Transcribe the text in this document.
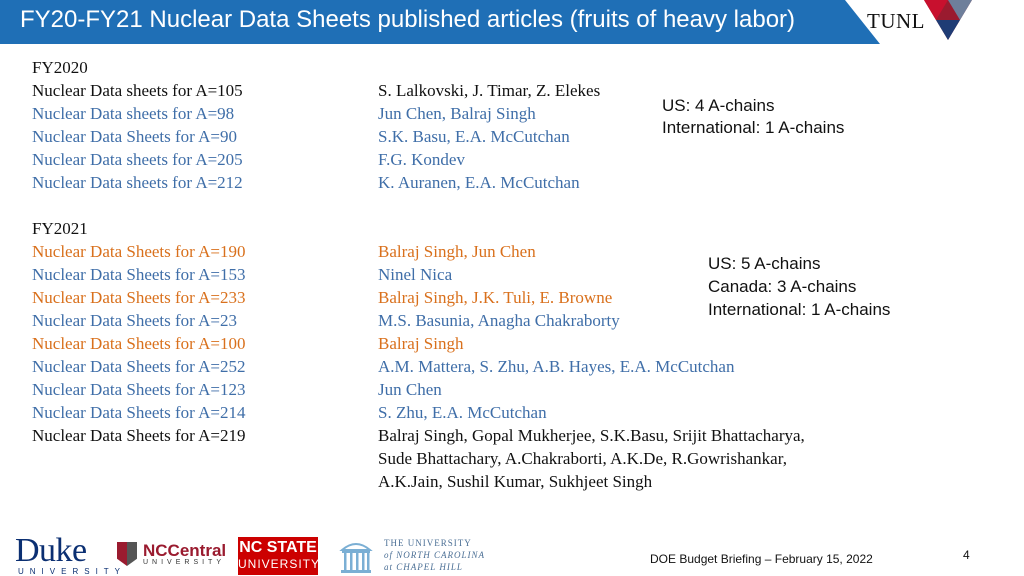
FY20-FY21 Nuclear Data Sheets published articles (fruits of heavy labor)	TUNL
FY2020
Nuclear Data sheets for A=105	S. Lalkovski, J. Timar, Z. Elekes
Nuclear Data sheets for A=98	Jun Chen, Balraj Singh
Nuclear Data Sheets for A=90	S.K. Basu, E.A. McCutchan
Nuclear Data sheets for A=205	F.G. Kondev
Nuclear Data sheets for A=212	K. Auranen, E.A. McCutchan
US: 4 A-chains
International: 1 A-chains
FY2021
Nuclear Data Sheets for A=190	Balraj Singh, Jun Chen
Nuclear Data Sheets for A=153	Ninel Nica
Nuclear Data Sheets for A=233	Balraj Singh, J.K. Tuli, E. Browne
Nuclear Data Sheets for A=23	M.S. Basunia, Anagha Chakraborty
Nuclear Data Sheets for A=100	Balraj Singh
Nuclear Data Sheets for A=252	A.M. Mattera, S. Zhu, A.B. Hayes, E.A. McCutchan
Nuclear Data Sheets for A=123	Jun Chen
Nuclear Data Sheets for A=214	S. Zhu, E.A. McCutchan
Nuclear Data Sheets for A=219	Balraj Singh, Gopal Mukherjee, S.K.Basu, Srijit Bhattacharya,
Sude Bhattachary, A.Chakraborti, A.K.De, R.Gowrishankar,
A.K.Jain, Sushil Kumar, Sukhjeet Singh
US: 5 A-chains
Canada: 3 A-chains
International: 1 A-chains
Duke
UNIVERSITY
NCCentral
UNIVERSITY
NC STATE
UNIVERSITY
THE UNIVERSITY
of NORTH CAROLINA
at CHAPEL HILL
DOE Budget Briefing – February 15, 2022	4
